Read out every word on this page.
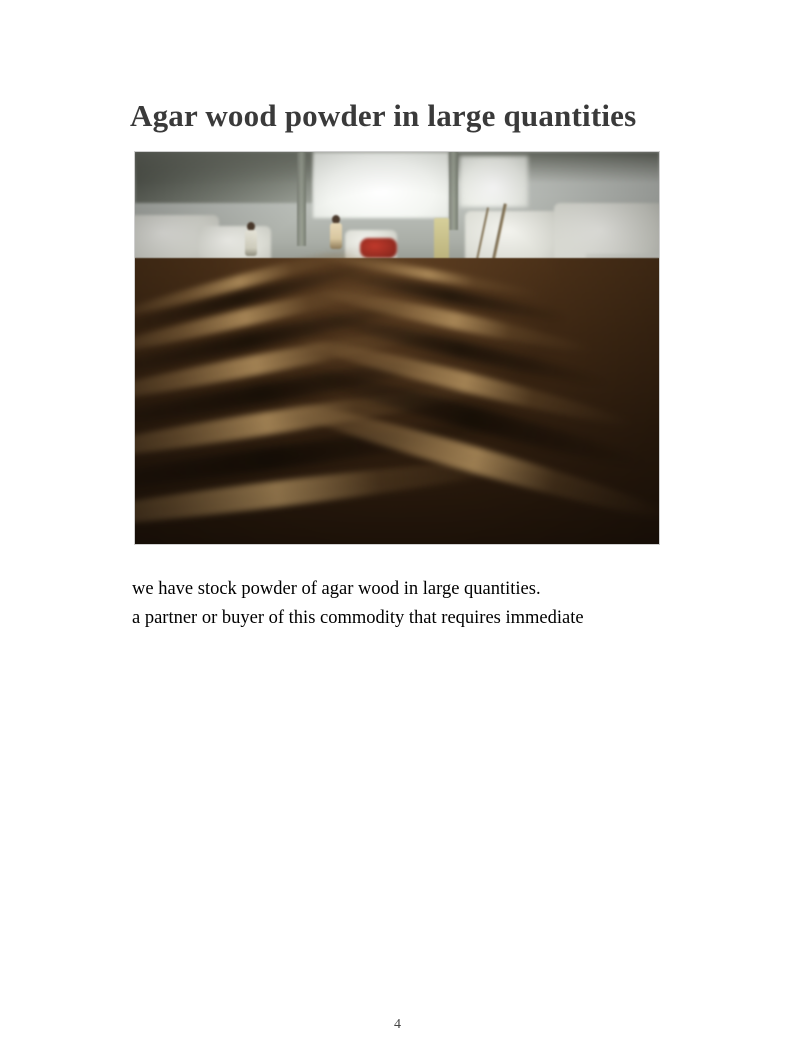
Agar wood powder in large quantities
we have stock powder of agar wood in large quantities.
a partner or buyer of this commodity that requires immediate
4
